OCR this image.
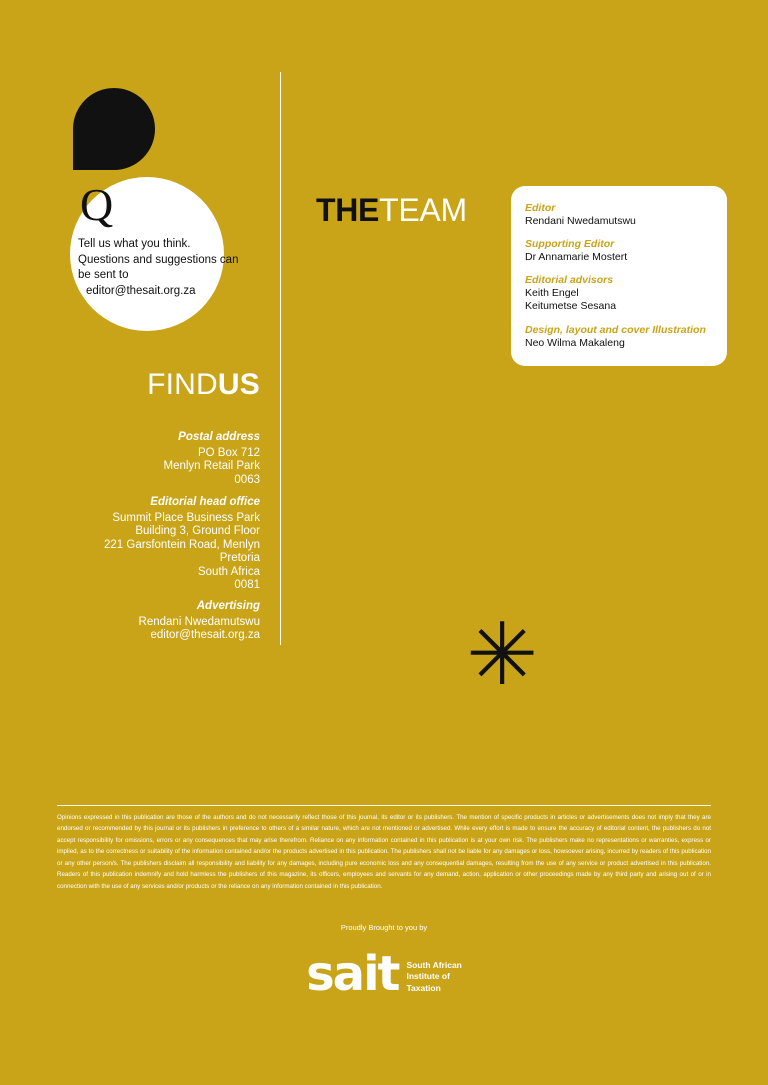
Q
Tell us what you think. Questions and suggestions can be sent to
editor@thesait.org.za
FINDUS
Postal address
PO Box 712
Menlyn Retail Park
0063
Editorial head office
Summit Place Business Park
Building 3, Ground Floor
221 Garsfontein Road, Menlyn
Pretoria
South Africa
0081
Advertising
Rendani Nwedamutswu
editor@thesait.org.za
THETEAM	Editor
Rendani Nwedamutswu
Supporting Editor
Dr Annamarie Mostert
Editorial advisors
Keith Engel
Keitumetse Sesana
Design, layout and cover Illustration
Neo Wilma Makaleng
✳
Opinions expressed in this publication are those of the authors and do not necessarily reflect those of this journal, its editor or its publishers. The mention of specific products in articles or advertisements does not imply that they are endorsed or recommended by this journal or its publishers in preference to others of a similar nature, which are not mentioned or advertised. While every effort is made to ensure the accuracy of editorial content, the publishers do not accept responsibility for omissions, errors or any consequences that may arise therefrom. Reliance on any information contained in this publication is at your own risk. The publishers make no representations or warranties, express or implied, as to the correctness or suitability of the information contained and/or the products advertised in this publication. The publishers shall not be liable for any damages or loss, howsoever arising, incurred by readers of this publication or any other person/s. The publishers disclaim all responsibility and liability for any damages, including pure economic loss and any consequential damages, resulting from the use of any service or product advertised in this publication. Readers of this publication indemnify and hold harmless the publishers of this magazine, its officers, employees and servants for any demand, action, application or other proceedings made by any third party and arising out of or in connection with the use of any services and/or products or the reliance on any information contained in this publication.
Proudly Brought to you by
sait South African
Institute of
Taxation
